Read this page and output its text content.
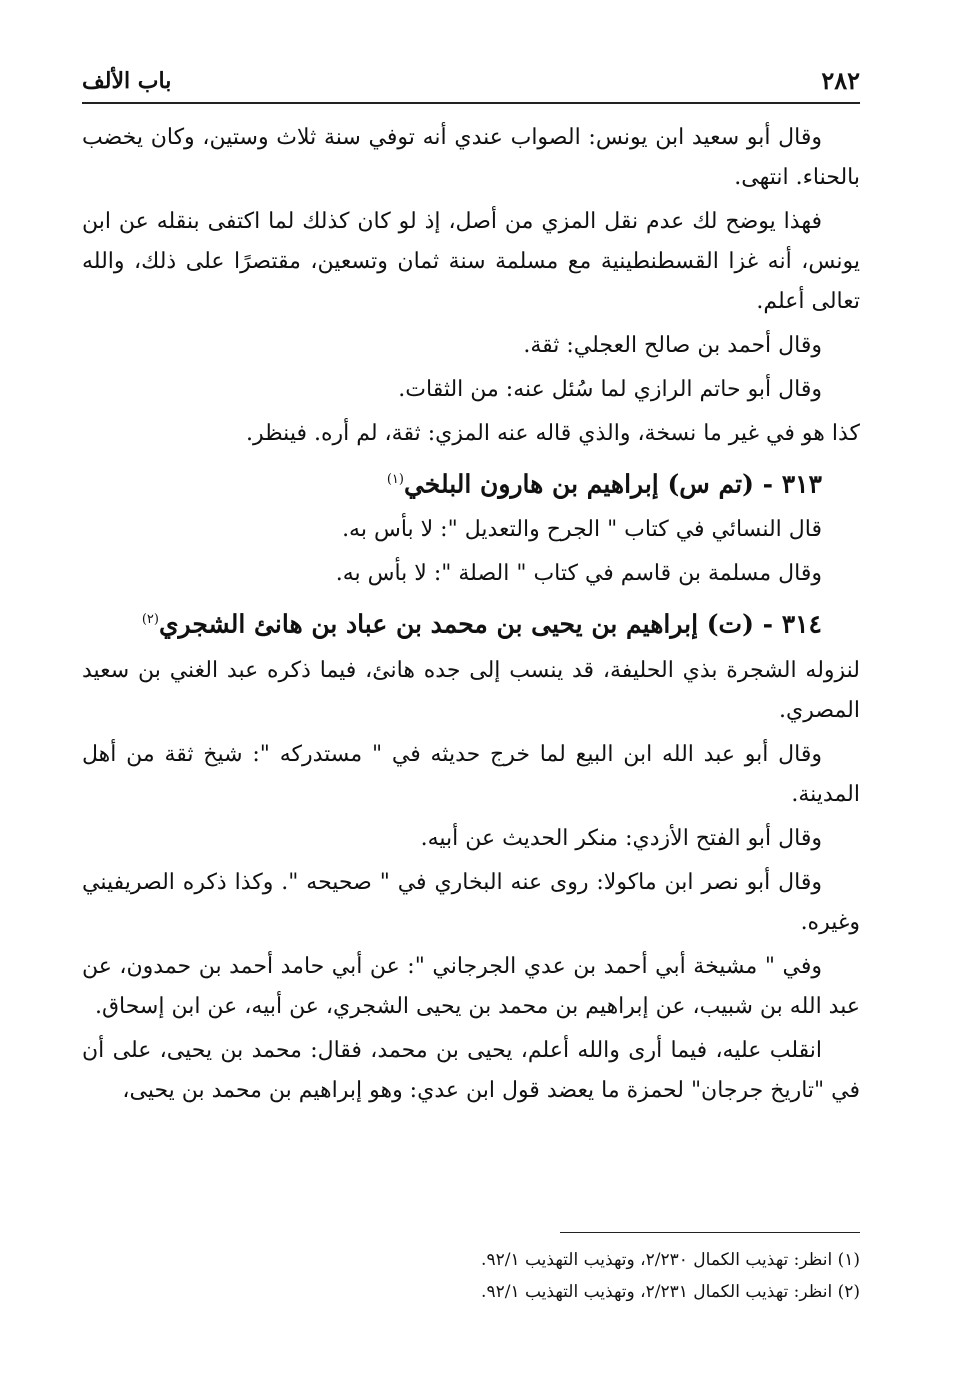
٢٨٢
باب الألف

وقال أبو سعيد ابن يونس: الصواب عندي أنه توفي سنة ثلاث وستين، وكان يخضب بالحناء. انتهى.

فهذا يوضح لك عدم نقل المزي من أصل، إذ لو كان كذلك لما اكتفى بنقله عن ابن يونس، أنه غزا القسطنطينية مع مسلمة سنة ثمان وتسعين، مقتصرًا على ذلك، والله تعالى أعلم.

وقال أحمد بن صالح العجلي: ثقة.

وقال أبو حاتم الرازي لما سُئل عنه: من الثقات.

كذا هو في غير ما نسخة، والذي قاله عنه المزي: ثقة، لم أره. فينظر.

٣١٣ - (تم س) إبراهيم بن هارون البلخي$^{(١)}$

قال النسائي في كتاب " الجرح والتعديل ": لا بأس به.

وقال مسلمة بن قاسم في كتاب " الصلة ": لا بأس به.

٣١٤ - (ت) إبراهيم بن يحيى بن محمد بن عباد بن هانئ الشجري$^{(٢)}$

لنزوله الشجرة بذي الحليفة، قد ينسب إلى جده هانئ، فيما ذكره عبد الغني بن سعيد المصري.

وقال أبو عبد الله ابن البيع لما خرج حديثه في " مستدركه ": شيخ ثقة من أهل المدينة.

وقال أبو الفتح الأزدي: منكر الحديث عن أبيه.

وقال أبو نصر ابن ماكولا: روى عنه البخاري في " صحيحه ". وكذا ذكره الصريفيني وغيره.

وفي " مشيخة أبي أحمد بن عدي الجرجاني ": عن أبي حامد أحمد بن حمدون، عن عبد الله بن شبيب، عن إبراهيم بن محمد بن يحيى الشجري، عن أبيه، عن ابن إسحاق.

انقلب عليه، فيما أرى والله أعلم، يحيى بن محمد، فقال: محمد بن يحيى، على أن في "تاريخ جرجان" لحمزة ما يعضد قول ابن عدي: وهو إبراهيم بن محمد بن يحيى،

(١) انظر: تهذيب الكمال ٢/٢٣٠، وتهذيب التهذيب ٩٢/١.

(٢) انظر: تهذيب الكمال ٢/٢٣١، وتهذيب التهذيب ٩٢/١.
